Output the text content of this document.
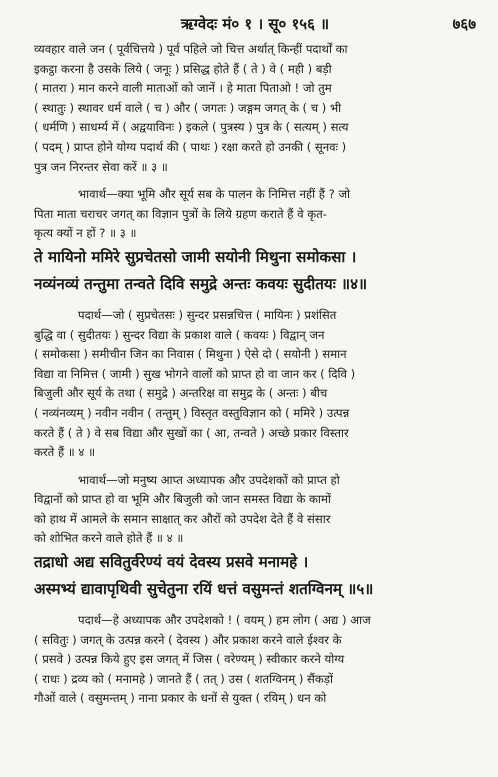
ऋग्वेदः मं० १ । सू० १५६ ॥	७६७
व्यवहार वाले जन ( पूर्वचित्तये ) पूर्व पहिले जो चित्त अर्थात् किन्हीं पदार्थों का
इकट्ठा करना है उसके लिये ( जनूः ) प्रसिद्ध होते हैं ( ते ) वे ( मही ) बड़ी
( मातरा ) मान करने वाली माताओं को जानें । हे माता पिताओ ! जो तुम
( स्थातुः ) स्थावर धर्म वाले ( च ) और ( जगतः ) जङ्गम जगत् के ( च ) भी
( धर्मणि ) साधर्म्य में ( अद्वयाविनः ) इकले ( पुत्रस्य ) पुत्र के ( सत्यम् ) सत्य
( पदम् ) प्राप्त होने योग्य पदार्थ की ( पाथः ) रक्षा करते हो उनकी ( सूनवः )
पुत्र जन निरन्तर सेवा करें ॥ ३ ॥
भावार्थ—क्या भूमि और सूर्य सब के पालन के निमित्त नहीं हैं ? जो
पिता माता चराचर जगत् का विज्ञान पुत्रों के लिये ग्रहण कराते हैं वे कृत-
कृत्य क्यों न हों ? ॥ ३ ॥
ते मायिनो ममिरे सुप्रचेतसो जामी सयोनी मिथुना समोकसा ।
नव्यंनव्यं तन्तुमा तन्वते दिवि समुद्रे अन्तः कवयः सुदीतयः ॥४॥
पदार्थ—जो ( सुप्रचेतसः ) सुन्दर प्रसन्नचित्त ( मायिनः ) प्रशंसित
बुद्धि वा ( सुदीतयः ) सुन्दर विद्या के प्रकाश वाले ( कवयः ) विद्वान् जन
( समोकसा ) समीचीन जिन का निवास ( मिथुना ) ऐसे दो ( सयोनी ) समान
विद्या वा निमित्त ( जामी ) सुख भोगने वालों को प्राप्त हो वा जान कर ( दिवि )
बिजुली और सूर्य के तथा ( समुद्रे ) अन्तरिक्ष वा समुद्र के ( अन्तः ) बीच
( नव्यंनव्यम् ) नवीन नवीन ( तन्तुम् ) विस्तृत वस्तुविज्ञान को ( ममिरे ) उत्पन्न
करते हैं ( ते ) वे सब विद्या और सुखों का ( आ, तन्वते ) अच्छे प्रकार विस्तार
करते हैं ॥ ४ ॥
भावार्थ—जो मनुष्य आप्त अध्यापक और उपदेशकों को प्राप्त हो
विद्वानों को प्राप्त हो वा भूमि और बिजुली को जान समस्त विद्या के कामों
को हाथ में आमले के समान साक्षात् कर औरों को उपदेश देते हैं वे संसार
को शोभित करने वाले होते हैं ॥ ४ ॥
तद्राधो अद्य सवितुर्वरेण्यं वयं देवस्य प्रसवे मनामहे ।
अस्मभ्यं द्यावापृथिवी सुचेतुना रयिं धत्तं वसुमन्तं शतग्विनम् ॥५॥
पदार्थ—हे अध्यापक और उपदेशको ! ( वयम् ) हम लोग ( अद्य ) आज
( सवितुः ) जगत् के उत्पन्न करने ( देवस्य ) और प्रकाश करने वाले ईश्वर के
( प्रसवे ) उत्पन्न किये हुए इस जगत् में जिस ( वरेण्यम् ) स्वीकार करने योग्य
( राधः ) द्रव्य को ( मनामहे ) जानते हैं ( तत् ) उस ( शतग्विनम् ) सैंकड़ों
गौओं वाले ( वसुमन्तम् ) नाना प्रकार के धनों से युक्त ( रयिम् ) धन को
